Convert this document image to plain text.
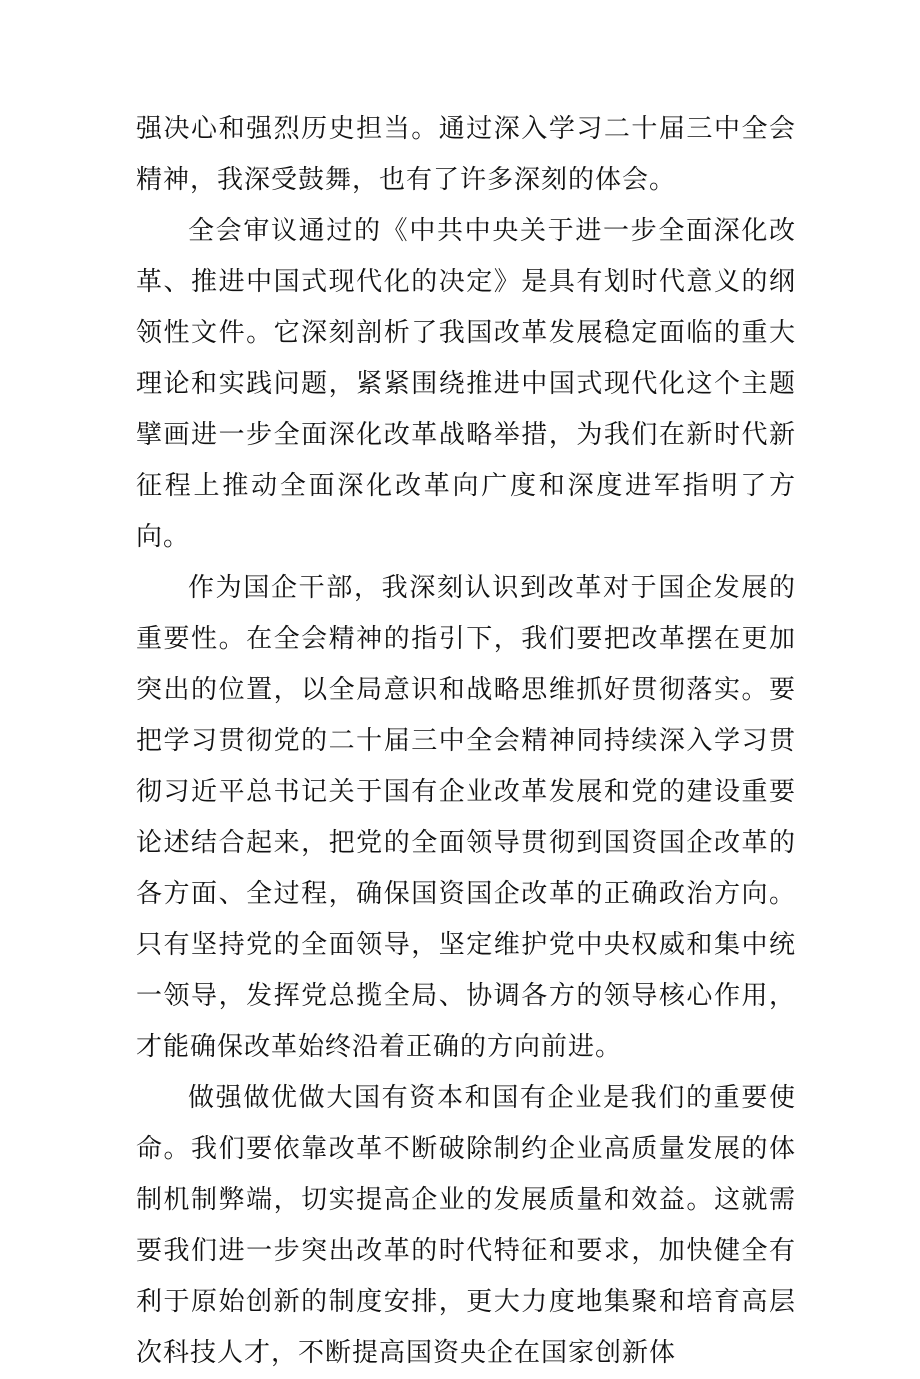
强决心和强烈历史担当。通过深入学习二十届三中全会精神，我深受鼓舞，也有了许多深刻的体会。

全会审议通过的《中共中央关于进一步全面深化改革、推进中国式现代化的决定》是具有划时代意义的纲领性文件。它深刻剖析了我国改革发展稳定面临的重大理论和实践问题，紧紧围绕推进中国式现代化这个主题擘画进一步全面深化改革战略举措，为我们在新时代新征程上推动全面深化改革向广度和深度进军指明了方向。

作为国企干部，我深刻认识到改革对于国企发展的重要性。在全会精神的指引下，我们要把改革摆在更加突出的位置，以全局意识和战略思维抓好贯彻落实。要把学习贯彻党的二十届三中全会精神同持续深入学习贯彻习近平总书记关于国有企业改革发展和党的建设重要论述结合起来，把党的全面领导贯彻到国资国企改革的各方面、全过程，确保国资国企改革的正确政治方向。只有坚持党的全面领导，坚定维护党中央权威和集中统一领导，发挥党总揽全局、协调各方的领导核心作用，才能确保改革始终沿着正确的方向前进。

做强做优做大国有资本和国有企业是我们的重要使命。我们要依靠改革不断破除制约企业高质量发展的体制机制弊端，切实提高企业的发展质量和效益。这就需要我们进一步突出改革的时代特征和要求，加快健全有利于原始创新的制度安排，更大力度地集聚和培育高层次科技人才，不断提高国资央企在国家创新体
